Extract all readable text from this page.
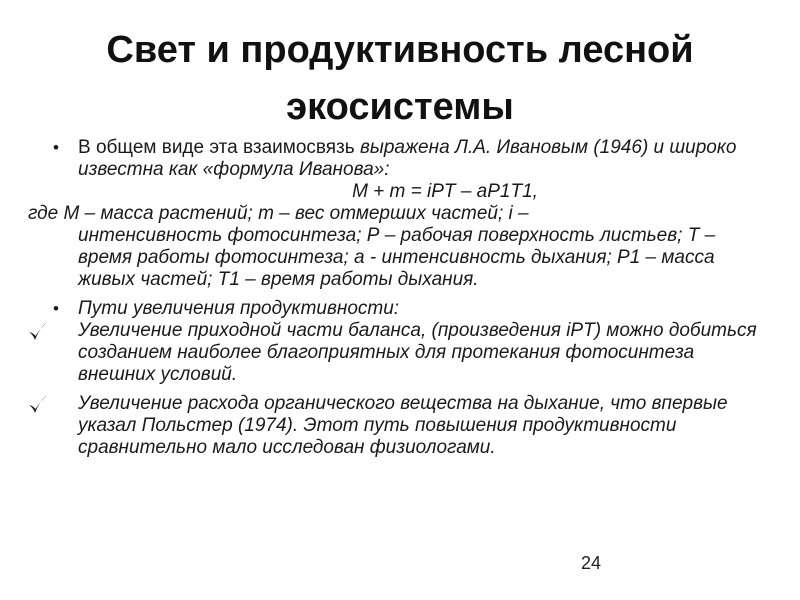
Свет и продуктивность лесной экосистемы
• В общем виде эта взаимосвязь выражена Л.А. Ивановым (1946) и широко известна как «формула Иванова»:
М + m = iPT – аР1Т1,
где М – масса растений; m – вес отмерших частей; i –
интенсивность фотосинтеза; Р – рабочая поверхность листьев; Т – время работы фотосинтеза; а - интенсивность дыхания; Р1 – масса живых частей; Т1 – время работы дыхания.
• Пути увеличения продуктивности:
Увеличение приходной части баланса, (произведения iPT) можно добиться созданием наиболее благоприятных для протекания фотосинтеза внешних условий.
Увеличение расхода органического вещества на дыхание, что впервые указал Польстер (1974). Этот путь повышения продуктивности сравнительно мало исследован физиологами.
24
